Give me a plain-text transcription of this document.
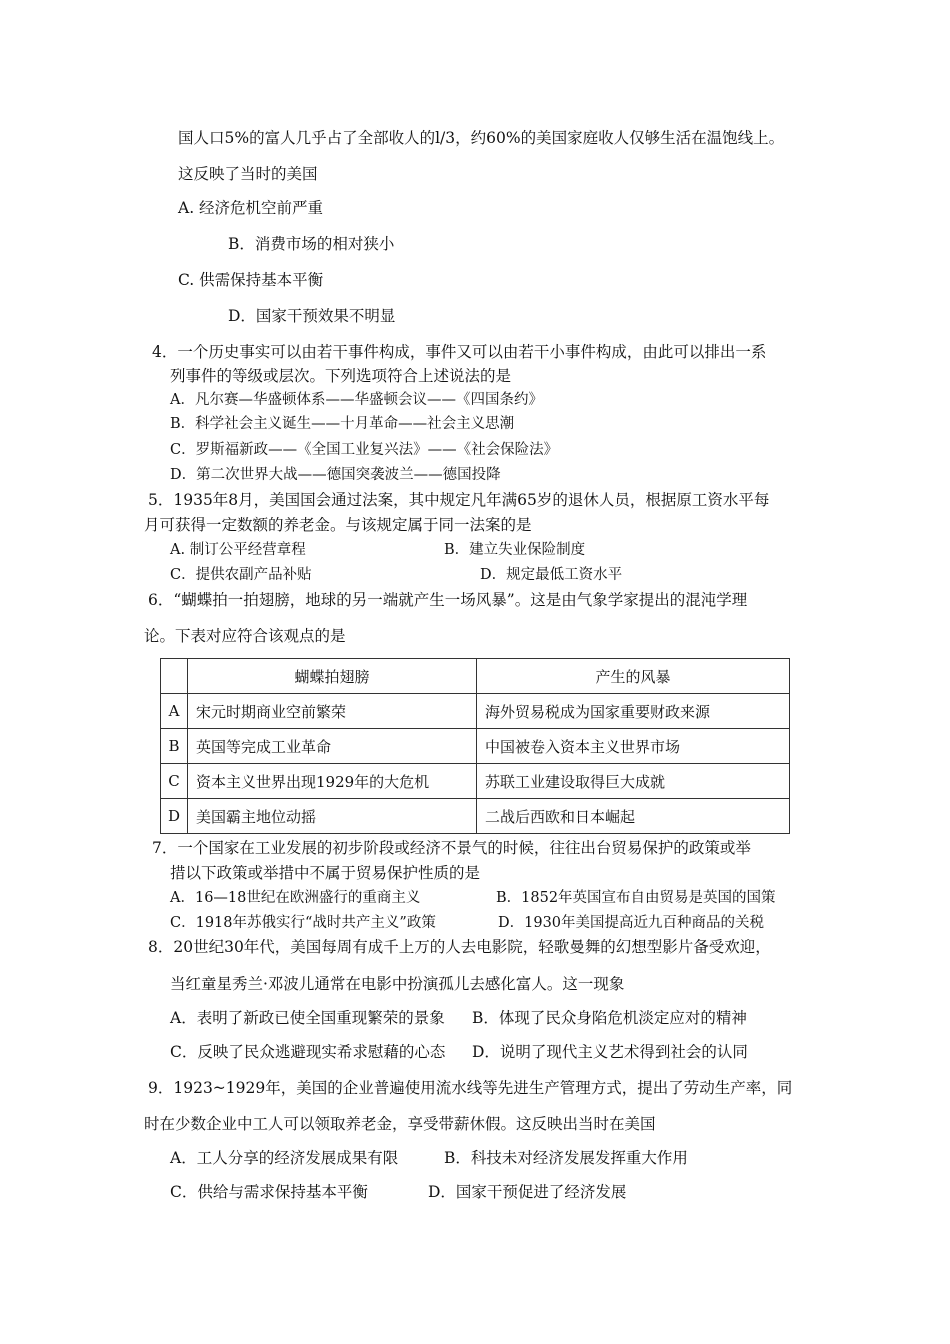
国人口5%的富人几乎占了全部收人的l/3，约60%的美国家庭收人仅够生活在温饱线上。
这反映了当时的美国
A. 经济危机空前严重
B．消费市场的相对狭小
C. 供需保持基本平衡
D．国家干预效果不明显
4．一个历史事实可以由若干事件构成，事件又可以由若干小事件构成，由此可以排出一系
列事件的等级或层次。下列选项符合上述说法的是
A．凡尔赛—华盛顿体系——华盛顿会议——《四国条约》
B．科学社会主义诞生——十月革命——社会主义思潮
C．罗斯福新政——《全国工业复兴法》——《社会保险法》
D．第二次世界大战——德国突袭波兰——德国投降
5．1935年8月，美国国会通过法案，其中规定凡年满65岁的退休人员，根据原工资水平每
月可获得一定数额的养老金。与该规定属于同一法案的是
A. 制订公平经营章程	B．建立失业保险制度
C．提供农副产品补贴	D．规定最低工资水平
6．“蝴蝶拍一拍翅膀，地球的另一端就产生一场风暴”。这是由气象学家提出的混沌学理
论。下表对应符合该观点的是
	蝴蝶拍翅膀	产生的风暴
A	宋元时期商业空前繁荣	海外贸易税成为国家重要财政来源
B	英国等完成工业革命	中国被卷入资本主义世界市场
C	资本主义世界出现1929年的大危机	苏联工业建设取得巨大成就
D	美国霸主地位动摇	二战后西欧和日本崛起
7．一个国家在工业发展的初步阶段或经济不景气的时候，往往出台贸易保护的政策或举
措以下政策或举措中不属于贸易保护性质的是
A．16—18世纪在欧洲盛行的重商主义	B．1852年英国宣布自由贸易是英国的国策
C．1918年苏俄实行“战时共产主义”政策	D．1930年美国提高近九百种商品的关税
8．20世纪30年代，美国每周有成千上万的人去电影院，轻歌曼舞的幻想型影片备受欢迎，
当红童星秀兰·邓波儿通常在电影中扮演孤儿去感化富人。这一现象
A．表明了新政已使全国重现繁荣的景象 B．体现了民众身陷危机淡定应对的精神
C．反映了民众逃避现实希求慰藉的心态 D．说明了现代主义艺术得到社会的认同
9．1923~1929年，美国的企业普遍使用流水线等先进生产管理方式，提出了劳动生产率，同
时在少数企业中工人可以领取养老金，享受带薪休假。这反映出当时在美国
A．工人分享的经济发展成果有限	B．科技未对经济发展发挥重大作用
C．供给与需求保持基本平衡	D．国家干预促进了经济发展
